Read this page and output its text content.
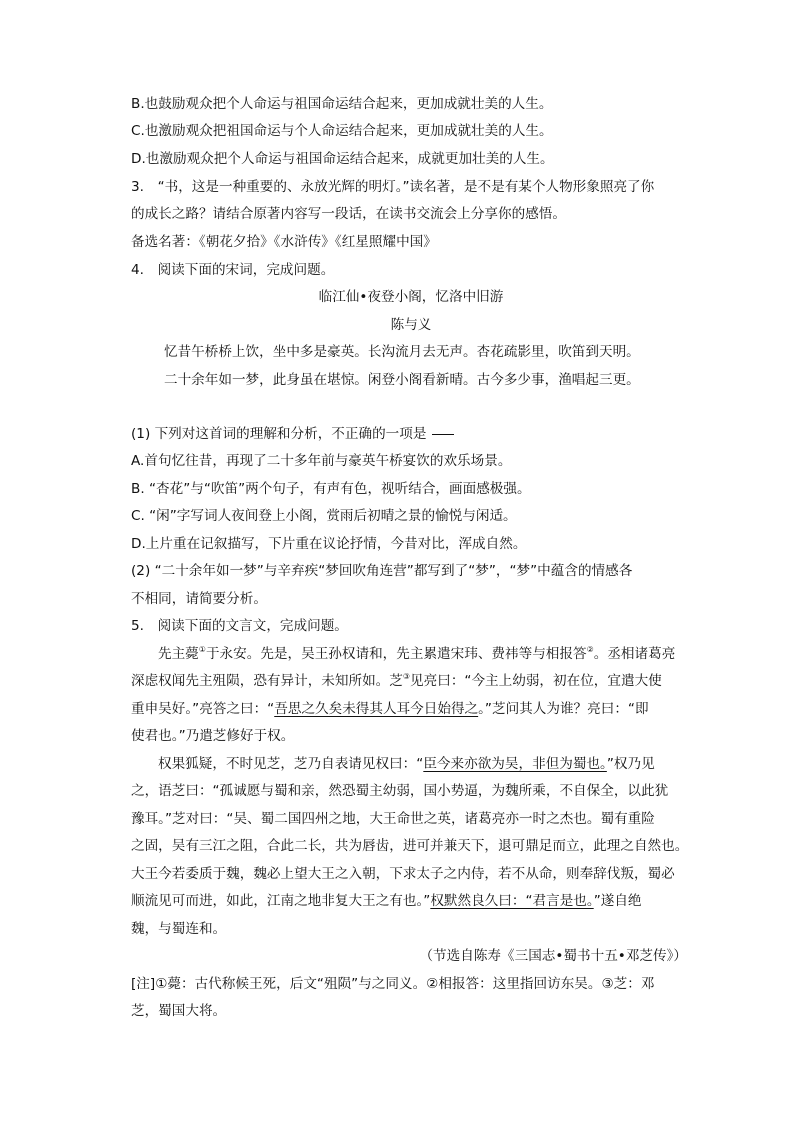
B.也鼓励观众把个人命运与祖国命运结合起来，更加成就壮美的人生。
C.也激励观众把祖国命运与个人命运结合起来，更加成就壮美的人生。
D.也激励观众把个人命运与祖国命运结合起来，成就更加壮美的人生。
3.　“书，这是一种重要的、永放光辉的明灯。”读名著，是不是有某个人物形象照亮了你
的成长之路？请结合原著内容写一段话，在读书交流会上分享你的感悟。
备选名著：《朝花夕拾》《水浒传》《红星照耀中国》
4.　阅读下面的宋词，完成问题。
临江仙•夜登小阁，忆洛中旧游
陈与义
忆昔午桥桥上饮，坐中多是豪英。长沟流月去无声。杏花疏影里，吹笛到天明。
二十余年如一梦，此身虽在堪惊。闲登小阁看新晴。古今多少事，渔唱起三更。
(1) 下列对这首词的理解和分析，不正确的一项是
A.首句忆往昔，再现了二十多年前与豪英午桥宴饮的欢乐场景。
B. “杏花”与“吹笛”两个句子，有声有色，视听结合，画面感极强。
C. “闲”字写词人夜间登上小阁，赏雨后初晴之景的愉悦与闲适。
D.上片重在记叙描写，下片重在议论抒情，今昔对比，浑成自然。
(2) “二十余年如一梦”与辛弃疾“梦回吹角连营”都写到了“梦”，“梦”中蕴含的情感各
不相同，请简要分析。
5.　阅读下面的文言文，完成问题。
先主薨①于永安。先是，吴王孙权请和，先主累遣宋玮、费祎等与相报答②。丞相诸葛亮
深虑权闻先主殂陨，恐有异计，未知所如。芝③见亮曰：“今主上幼弱，初在位，宜遣大使
重申吴好。”亮答之曰：“吾思之久矣未得其人耳今日始得之。”芝问其人为谁？亮曰：“即
使君也。”乃遣芝修好于权。
权果狐疑，不时见芝，芝乃自表请见权曰：“臣今来亦欲为吴，非但为蜀也。”权乃见
之，语芝曰：“孤诚愿与蜀和亲，然恐蜀主幼弱，国小势逼，为魏所乘，不自保全，以此犹
豫耳。”芝对曰：“吴、蜀二国四州之地，大王命世之英，诸葛亮亦一时之杰也。蜀有重险
之固，吴有三江之阻，合此二长，共为唇齿，进可并兼天下，退可鼎足而立，此理之自然也。
大王今若委质于魏，魏必上望大王之入朝，下求太子之内侍，若不从命，则奉辞伐叛，蜀必
顺流见可而进，如此，江南之地非复大王之有也。”权默然良久曰：“君言是也。”遂自绝
魏，与蜀连和。
（节选自陈寿《三国志•蜀书十五•邓芝传》）
[注]①薨：古代称候王死，后文“殂陨”与之同义。②相报答：这里指回访东吴。③芝：邓
芝，蜀国大将。
